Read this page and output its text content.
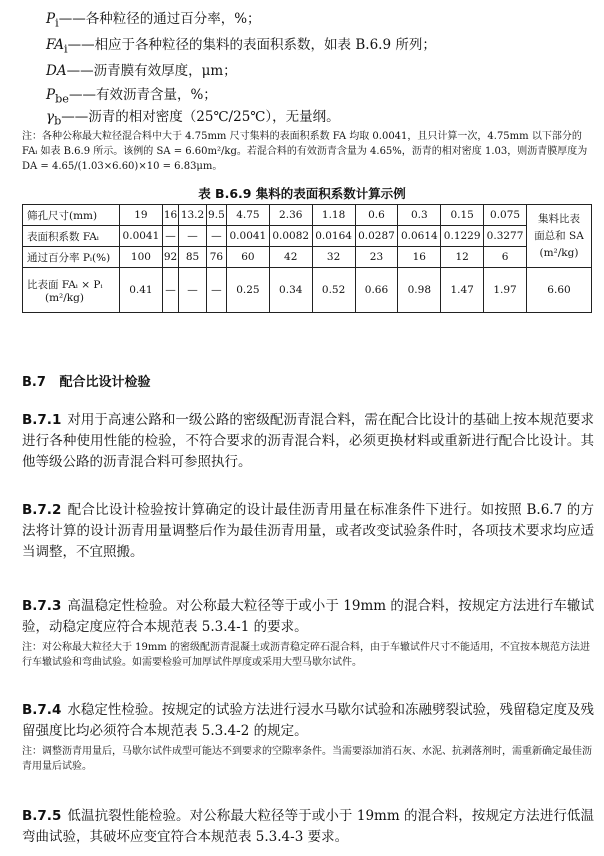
$P_i——$各种粒径的通过百分率，%；
$FA_i——$相应于各种粒径的集料的表面积系数，如表 B.6.9 所列；
DA——沥青膜有效厚度，μm；
$P_{be}——$有效沥青含量，%；
$\gamma_b——$沥青的相对密度（25℃/25℃），无量纲。
注：各种公称最大粒径混合料中大于 4.75mm 尺寸集料的表面积系数 FA 均取 0.0041，且只计算一次，4.75mm 以下部分的 FAᵢ 如表 B.6.9 所示。该例的 SA = 6.60m²/kg。若混合料的有效沥青含量为 4.65%，沥青的相对密度 1.03，则沥青膜厚度为 DA = 4.65/(1.03×6.60)×10 = 6.83μm。
表 B.6.9 集料的表面积系数计算示例
筛孔尺寸(mm)	19	16	13.2	9.5	4.75	2.36	1.18	0.6	0.3	0.15	0.075	集料比表
面总和 SA
(m²/kg)

表面积系数 FAᵢ	0.0041	—	—	—	0.0041	0.0082	0.0164	0.0287	0.0614	0.1229	0.3277	
通过百分率 Pᵢ(%)	100	92	85	76	60	42	32	23	16	12	6	

比表面 FAᵢ × Pᵢ
(m²/kg)	0.41	—	—	—	0.25	0.34	0.52	0.66	0.98	1.47	1.97	6.60
B.7 配合比设计检验
B.7.1 对用于高速公路和一级公路的密级配沥青混合料，需在配合比设计的基础上按本规范要求进行各种使用性能的检验，不符合要求的沥青混合料，必须更换材料或重新进行配合比设计。其他等级公路的沥青混合料可参照执行。
B.7.2 配合比设计检验按计算确定的设计最佳沥青用量在标准条件下进行。如按照 B.6.7 的方法将计算的设计沥青用量调整后作为最佳沥青用量，或者改变试验条件时，各项技术要求均应适当调整，不宜照搬。
B.7.3 高温稳定性检验。对公称最大粒径等于或小于 19mm 的混合料，按规定方法进行车辙试验，动稳定度应符合本规范表 5.3.4-1 的要求。
注：对公称最大粒径大于 19mm 的密级配沥青混凝土或沥青稳定碎石混合料，由于车辙试件尺寸不能适用，不宜按本规范方法进行车辙试验和弯曲试验。如需要检验可加厚试件厚度或采用大型马歇尔试件。
B.7.4 水稳定性检验。按规定的试验方法进行浸水马歇尔试验和冻融劈裂试验，残留稳定度及残留强度比均必须符合本规范表 5.3.4-2 的规定。
注：调整沥青用量后，马歇尔试件成型可能达不到要求的空隙率条件。当需要添加消石灰、水泥、抗剥落剂时，需重新确定最佳沥青用量后试验。
B.7.5 低温抗裂性能检验。对公称最大粒径等于或小于 19mm 的混合料，按规定方法进行低温弯曲试验，其破坏应变宜符合本规范表 5.3.4-3 要求。
